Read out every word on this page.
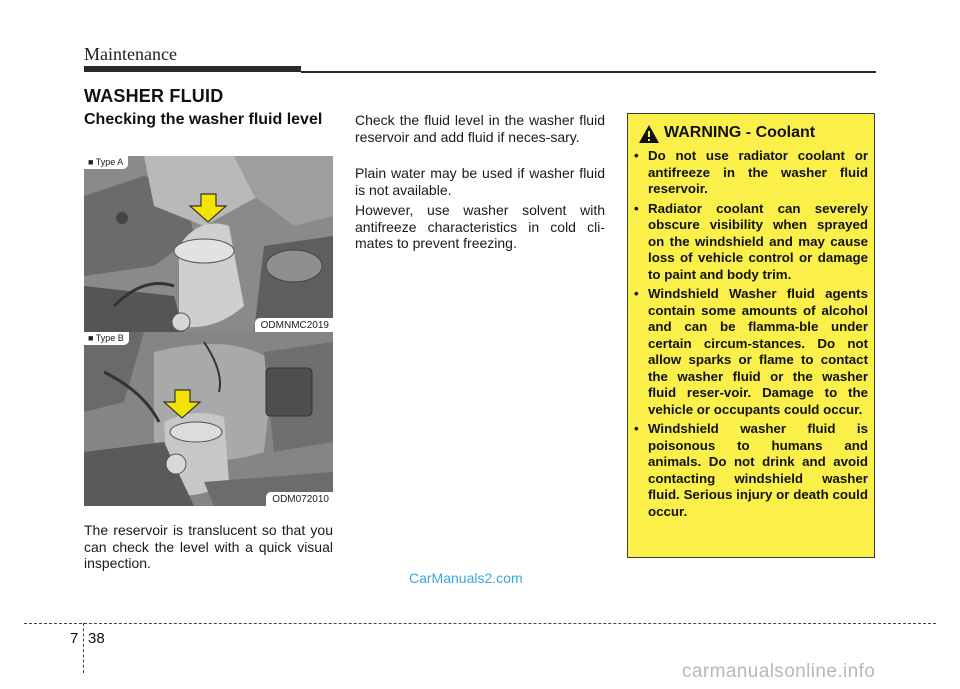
Maintenance
WASHER FLUID
Checking the washer fluid level
■ Type A
ODMNMC2019
■ Type B
ODM072010

The reservoir is translucent so that you can check the level with a quick visual inspection.

Check the fluid level in the washer fluid reservoir and add fluid if neces-sary.

Plain water may be used if washer fluid is not available.

However, use washer solvent with antifreeze characteristics in cold cli-mates to prevent freezing.

WARNING - Coolant
• Do not use radiator coolant or antifreeze in the washer fluid reservoir.
• Radiator coolant can severely obscure visibility when sprayed on the windshield and may cause loss of vehicle control or damage to paint and body trim.
• Windshield Washer fluid agents contain some amounts of alcohol and can be flamma-ble under certain circum-stances. Do not allow sparks or flame to contact the washer fluid or the washer fluid reser-voir. Damage to the vehicle or occupants could occur.
• Windshield washer fluid is poisonous to humans and animals. Do not drink and avoid contacting windshield washer fluid. Serious injury or death could occur.
CarManuals2.com
7 38
carmanualsonline.info
